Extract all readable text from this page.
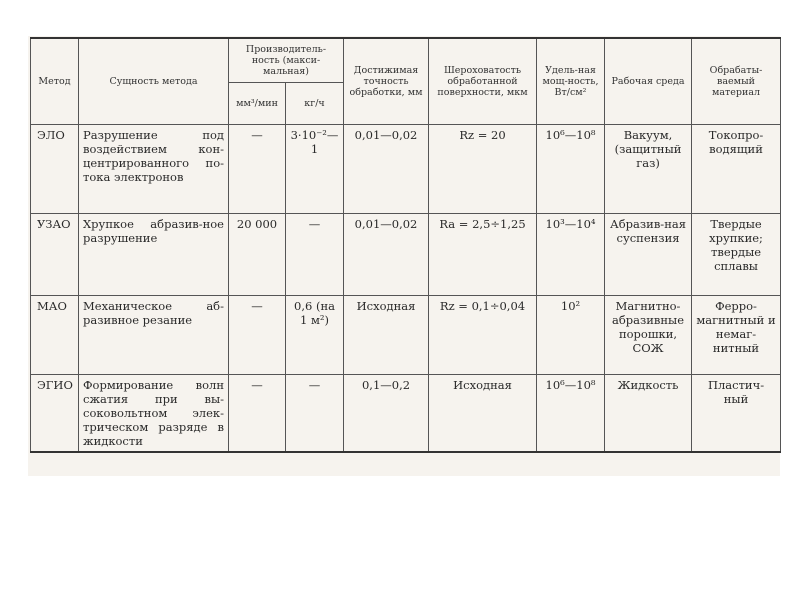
Метод	Сущность метода	Производитель-ность (макси-мальная)		Достижимая точность обработки, мм	Шероховатость обработанной поверхности, мкм	Удель-ная мощ-ность, Вт/см²	Рабочая среда	Обрабаты-ваемый материал
		мм³/мин	кг/ч					
ЭЛО	Разрушение под воздействием кон-центрированного по-тока электронов	—	3·10⁻²—1	0,01—0,02	Rz = 20	10⁶—10⁸	Вакуум, (защитный газ)	Токопро-водящий
УЗАО	Хрупкое абразив-ное разрушение	20 000	—	0,01—0,02	Ra = 2,5÷1,25	10³—10⁴	Абразив-ная суспензия	Твердые хрупкие; твердые сплавы
МАО	Механическое аб-разивное резание	—	0,6 (на 1 м²)	Исходная	Rz = 0,1÷0,04	10²	Магнитно-абразивные порошки, СОЖ	Ферро-магнитный и немаг-нитный
ЭГИО	Формирование волн сжатия при вы-соковольтном элек-трическом разряде в жидкости	—	—	0,1—0,2	Исходная	10⁶—10⁸	Жидкость	Пластич-ный
